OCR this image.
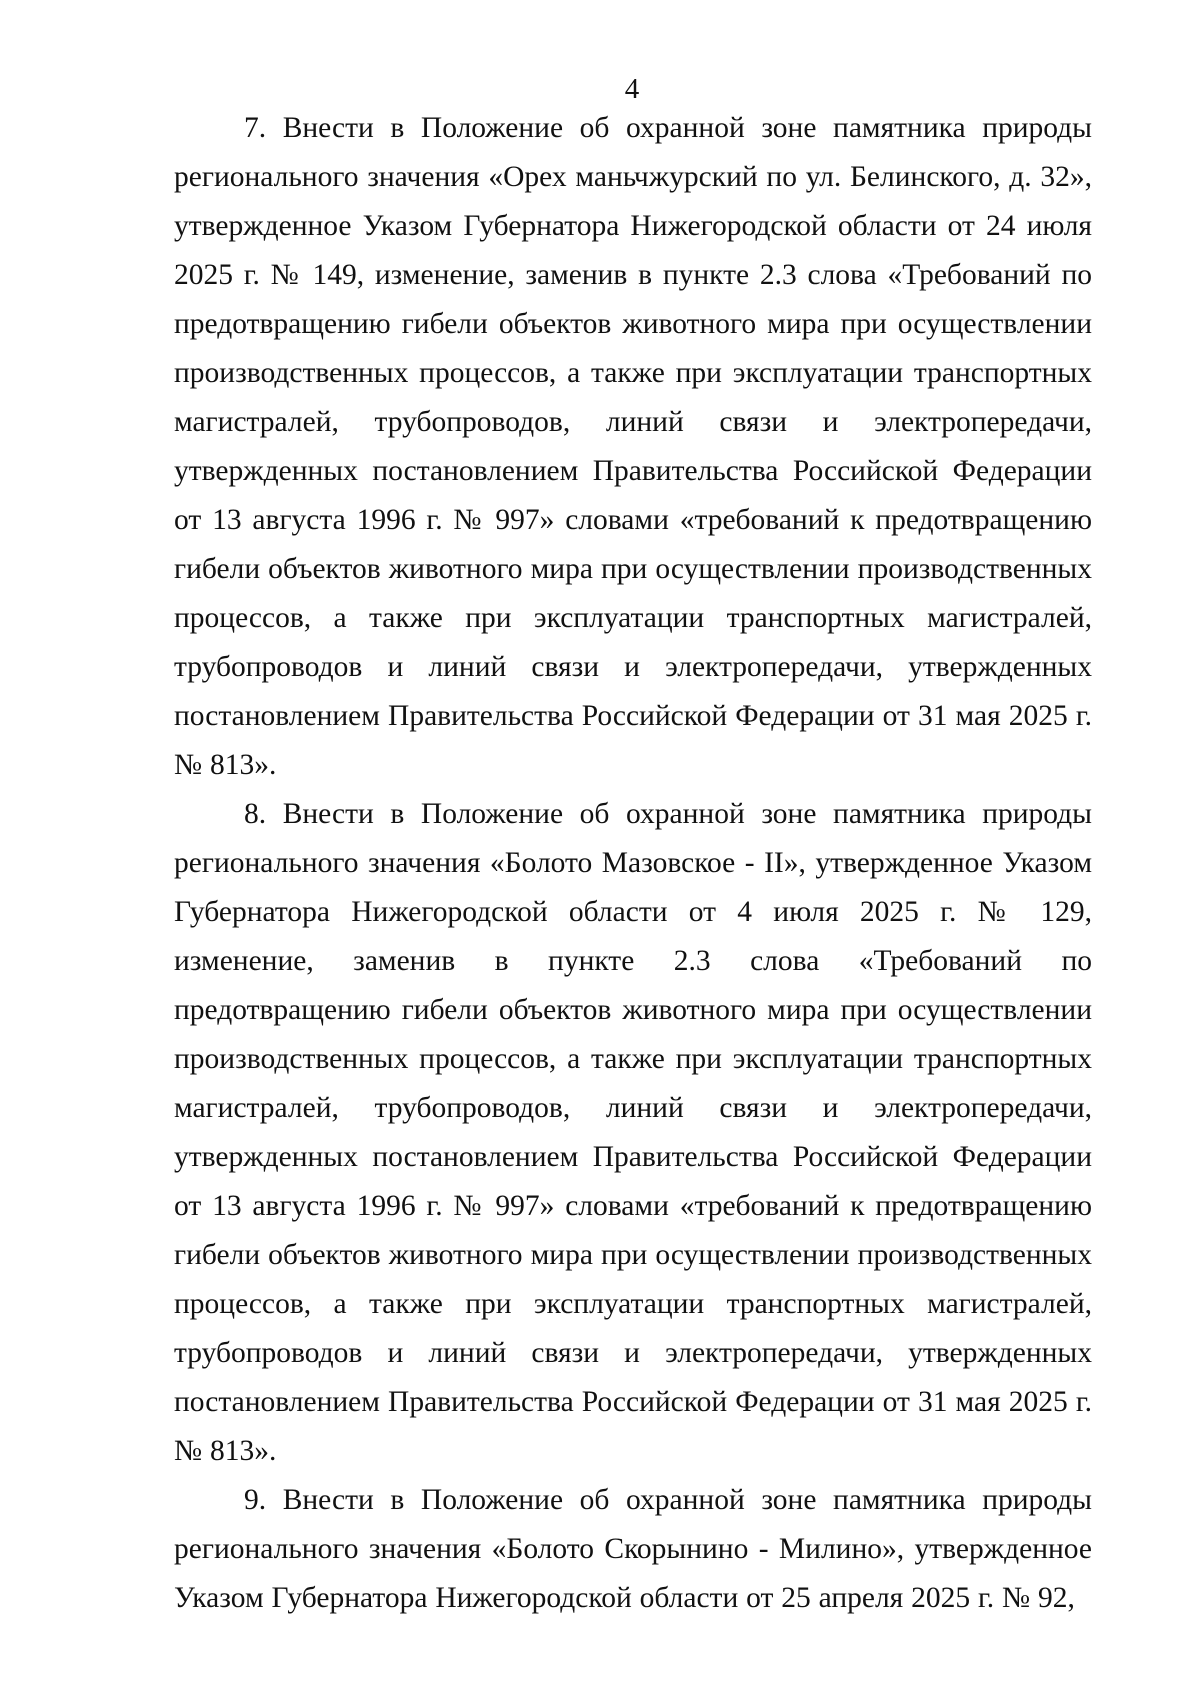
4

7. Внести в Положение об охранной зоне памятника природы регионального значения «Орех маньчжурский по ул. Белинского, д. 32», утвержденное Указом Губернатора Нижегородской области от 24 июля 2025 г. № 149, изменение, заменив в пункте 2.3 слова «Требований по предотвращению гибели объектов животного мира при осуществлении производственных процессов, а также при эксплуатации транспортных магистралей, трубопроводов, линий связи и электропередачи, утвержденных постановлением Правительства Российской Федерации от 13 августа 1996 г. № 997» словами «требований к предотвращению гибели объектов животного мира при осуществлении производственных процессов, а также при эксплуатации транспортных магистралей, трубопроводов и линий связи и электропередачи, утвержденных постановлением Правительства Российской Федерации от 31 мая 2025 г. № 813».

8. Внести в Положение об охранной зоне памятника природы регионального значения «Болото Мазовское - II», утвержденное Указом Губернатора Нижегородской области от 4 июля 2025 г. № 129, изменение, заменив в пункте 2.3 слова «Требований по предотвращению гибели объектов животного мира при осуществлении производственных процессов, а также при эксплуатации транспортных магистралей, трубопроводов, линий связи и электропередачи, утвержденных постановлением Правительства Российской Федерации от 13 августа 1996 г. № 997» словами «требований к предотвращению гибели объектов животного мира при осуществлении производственных процессов, а также при эксплуатации транспортных магистралей, трубопроводов и линий связи и электропередачи, утвержденных постановлением Правительства Российской Федерации от 31 мая 2025 г. № 813».

9. Внести в Положение об охранной зоне памятника природы регионального значения «Болото Скорынино - Милино», утвержденное Указом Губернатора Нижегородской области от 25 апреля 2025 г. № 92,
